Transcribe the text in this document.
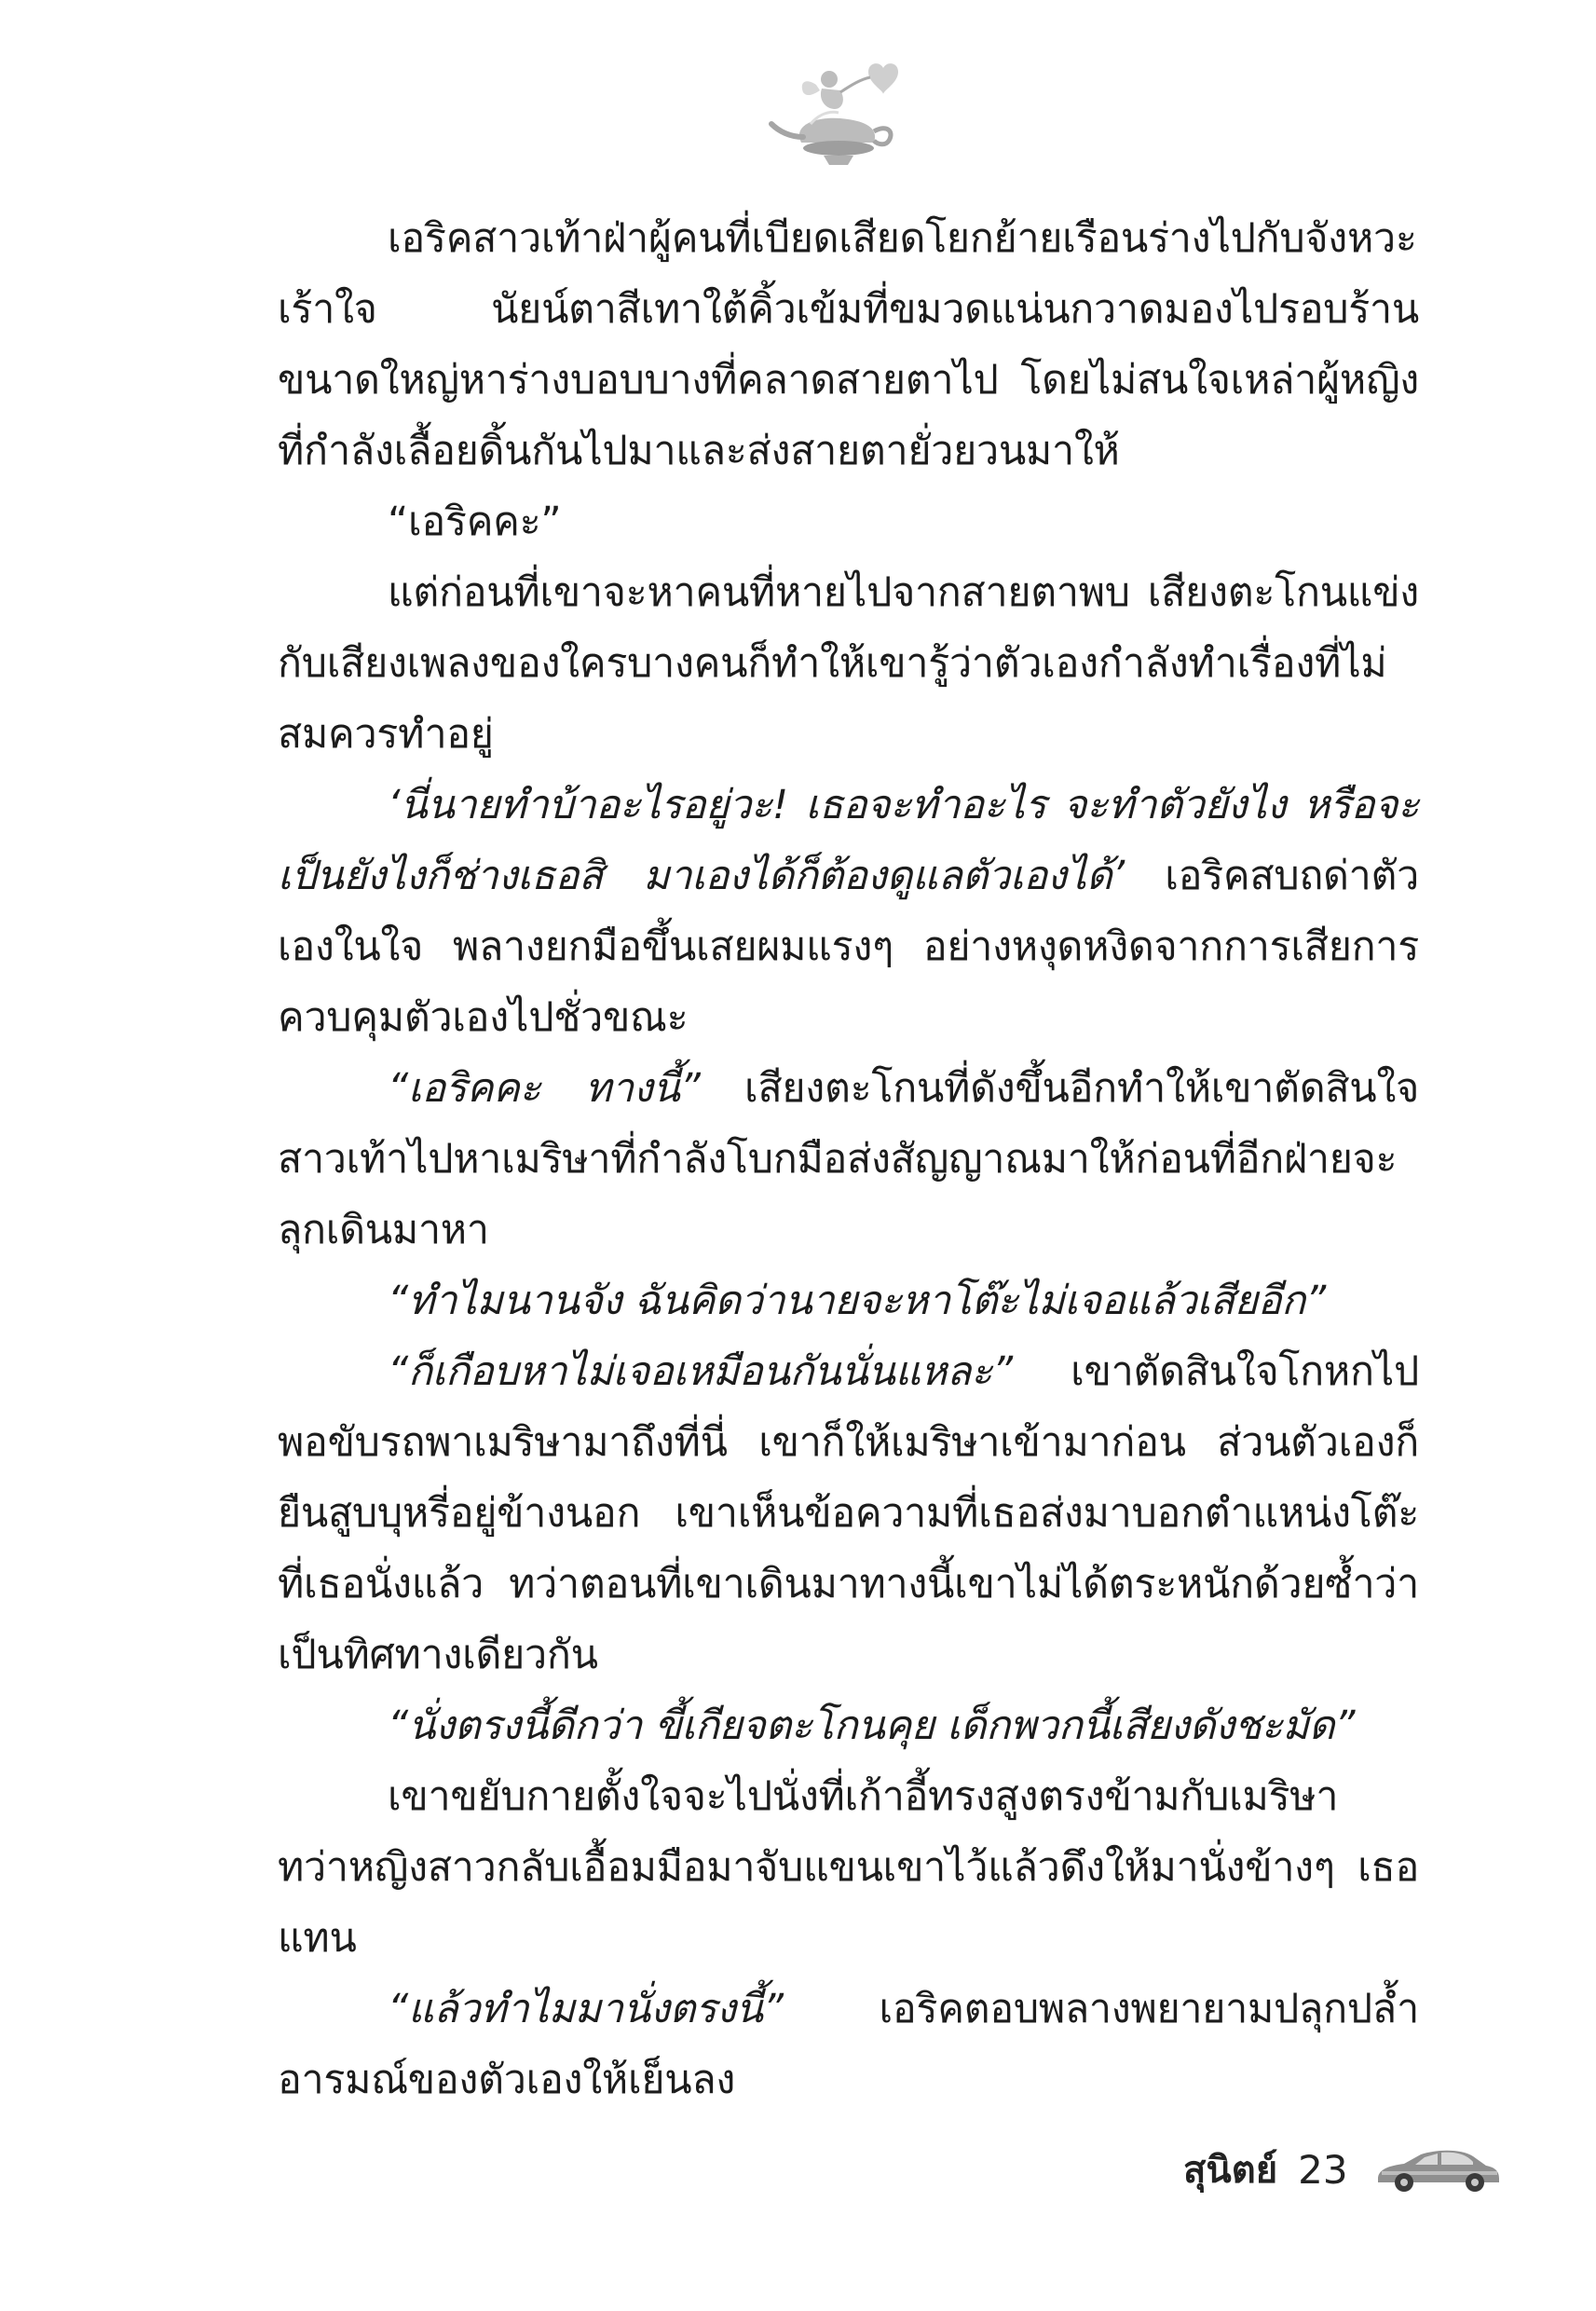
เอริคสาวเท้าฝ่าผู้คนที่เบียดเสียดโยกย้ายเรือนร่างไปกับจังหวะเร้าใจ นัยน์ตาสีเทาใต้คิ้วเข้มที่ขมวดแน่นกวาดมองไปรอบร้านขนาดใหญ่หาร่างบอบบางที่คลาดสายตาไป โดยไม่สนใจเหล่าผู้หญิงที่กำลังเลื้อยดิ้นกันไปมาและส่งสายตายั่วยวนมาให้

“เอริคคะ”

แต่ก่อนที่เขาจะหาคนที่หายไปจากสายตาพบ เสียงตะโกนแข่งกับเสียงเพลงของใครบางคนก็ทำให้เขารู้ว่าตัวเองกำลังทำเรื่องที่ไม่สมควรทำอยู่

‘นี่นายทำบ้าอะไรอยู่วะ! เธอจะทำอะไร จะทำตัวยังไง หรือจะเป็นยังไงก็ช่างเธอสิ มาเองได้ก็ต้องดูแลตัวเองได้’ เอริคสบถด่าตัวเองในใจ พลางยกมือขึ้นเสยผมแรงๆ อย่างหงุดหงิดจากการเสียการควบคุมตัวเองไปชั่วขณะ

“เอริคคะ ทางนี้” เสียงตะโกนที่ดังขึ้นอีกทำให้เขาตัดสินใจสาวเท้าไปหาเมริษาที่กำลังโบกมือส่งสัญญาณมาให้ก่อนที่อีกฝ่ายจะลุกเดินมาหา

“ทำไมนานจัง ฉันคิดว่านายจะหาโต๊ะไม่เจอแล้วเสียอีก”

“ก็เกือบหาไม่เจอเหมือนกันนั่นแหละ” เขาตัดสินใจโกหกไป พอขับรถพาเมริษามาถึงที่นี่ เขาก็ให้เมริษาเข้ามาก่อน ส่วนตัวเองก็ยืนสูบบุหรี่อยู่ข้างนอก เขาเห็นข้อความที่เธอส่งมาบอกตำแหน่งโต๊ะที่เธอนั่งแล้ว ทว่าตอนที่เขาเดินมาทางนี้เขาไม่ได้ตระหนักด้วยซ้ำว่าเป็นทิศทางเดียวกัน

“นั่งตรงนี้ดีกว่า ขี้เกียจตะโกนคุย เด็กพวกนี้เสียงดังชะมัด”

เขาขยับกายตั้งใจจะไปนั่งที่เก้าอี้ทรงสูงตรงข้ามกับเมริษา ทว่าหญิงสาวกลับเอื้อมมือมาจับแขนเขาไว้แล้วดึงให้มานั่งข้างๆ เธอแทน

“แล้วทำไมมานั่งตรงนี้” เอริคตอบพลางพยายามปลุกปล้ำอารมณ์ของตัวเองให้เย็นลง

สุนิตย์ 23
